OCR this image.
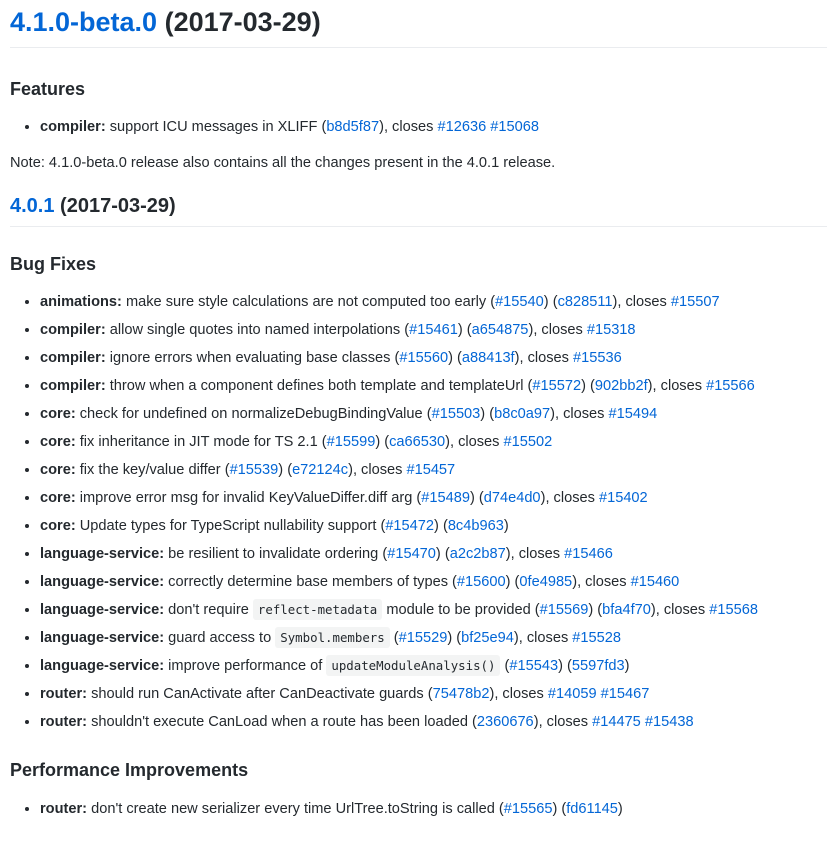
4.1.0-beta.0 (2017-03-29)
Features
• compiler: support ICU messages in XLIFF (b8d5f87), closes #12636 #15068

Note: 4.1.0-beta.0 release also contains all the changes present in the 4.0.1 release.

4.0.1 (2017-03-29)
Bug Fixes
• animations: make sure style calculations are not computed too early (#15540) (c828511), closes #15507
• compiler: allow single quotes into named interpolations (#15461) (a654875), closes #15318
• compiler: ignore errors when evaluating base classes (#15560) (a88413f), closes #15536
• compiler: throw when a component defines both template and templateUrl (#15572) (902bb2f), closes #15566
• core: check for undefined on normalizeDebugBindingValue (#15503) (b8c0a97), closes #15494
• core: fix inheritance in JIT mode for TS 2.1 (#15599) (ca66530), closes #15502
• core: fix the key/value differ (#15539) (e72124c), closes #15457
• core: improve error msg for invalid KeyValueDiffer.diff arg (#15489) (d74e4d0), closes #15402
• core: Update types for TypeScript nullability support (#15472) (8c4b963)
• language-service: be resilient to invalidate ordering (#15470) (a2c2b87), closes #15466
• language-service: correctly determine base members of types (#15600) (0fe4985), closes #15460
• language-service: don't require reflect-metadata module to be provided (#15569) (bfa4f70), closes #15568
• language-service: guard access to Symbol.members (#15529) (bf25e94), closes #15528
• language-service: improve performance of updateModuleAnalysis() (#15543) (5597fd3)
• router: should run CanActivate after CanDeactivate guards (75478b2), closes #14059 #15467
• router: shouldn't execute CanLoad when a route has been loaded (2360676), closes #14475 #15438
Performance Improvements
• router: don't create new serializer every time UrlTree.toString is called (#15565) (fd61145)
